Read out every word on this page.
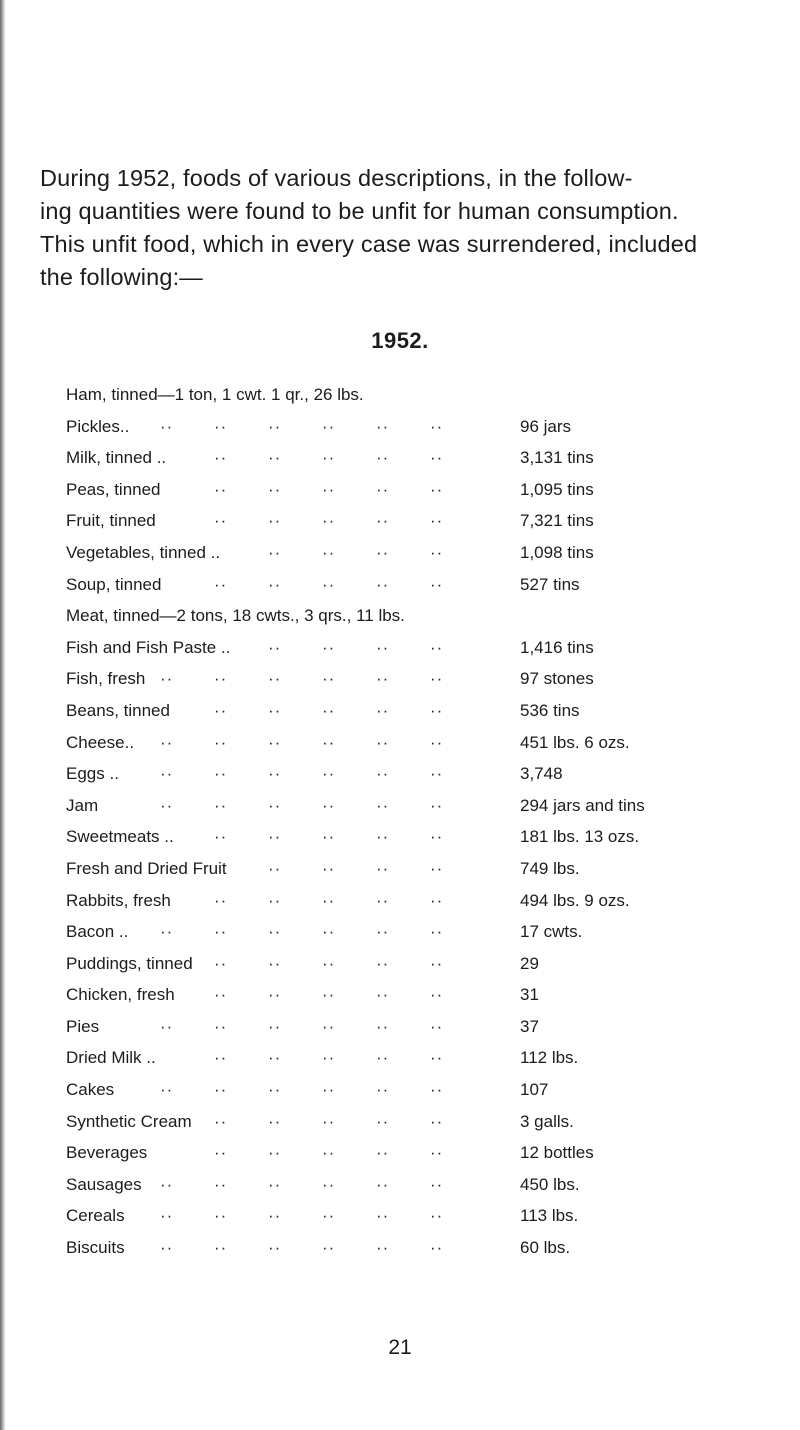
During 1952, foods of various descriptions, in the follow-
ing quantities were found to be unfit for human consumption.
This unfit food, which in every case was surrendered, included
the following:—
1952.
Ham, tinned—1 ton, 1 cwt. 1 qr., 26 lbs.
Pickles..	96 jars
··
··
··
··
··
··
Milk, tinned ..	3,131 tins
··
··
··
··
··
Peas, tinned	1,095 tins
··
··
··
··
··
Fruit, tinned	7,321 tins
··
··
··
··
··
Vegetables, tinned ..	1,098 tins
··
··
··
··
Soup, tinned	527 tins
··
··
··
··
··
Meat, tinned—2 tons, 18 cwts., 3 qrs., 11 lbs.
Fish and Fish Paste ..	1,416 tins
··
··
··
··
Fish, fresh	97 stones
··
··
··
··
··
··
Beans, tinned	536 tins
··
··
··
··
··
Cheese..	451 lbs. 6 ozs.
··
··
··
··
··
··
Eggs ..	3,748
··
··
··
··
··
··
Jam	294 jars and tins
··
··
··
··
··
··
Sweetmeats ..	181 lbs. 13 ozs.
··
··
··
··
··
Fresh and Dried Fruit	749 lbs.
··
··
··
··
Rabbits, fresh	494 lbs. 9 ozs.
··
··
··
··
··
Bacon ..	17 cwts.
··
··
··
··
··
··
Puddings, tinned	29
··
··
··
··
··
Chicken, fresh	31
··
··
··
··
··
Pies	37
··
··
··
··
··
··
Dried Milk ..	112 lbs.
··
··
··
··
··
Cakes	107
··
··
··
··
··
··
Synthetic Cream	3 galls.
··
··
··
··
··
Beverages	12 bottles
··
··
··
··
··
Sausages	450 lbs.
··
··
··
··
··
··
Cereals	113 lbs.
··
··
··
··
··
··
Biscuits	60 lbs.
··
··
··
··
··
··

21
